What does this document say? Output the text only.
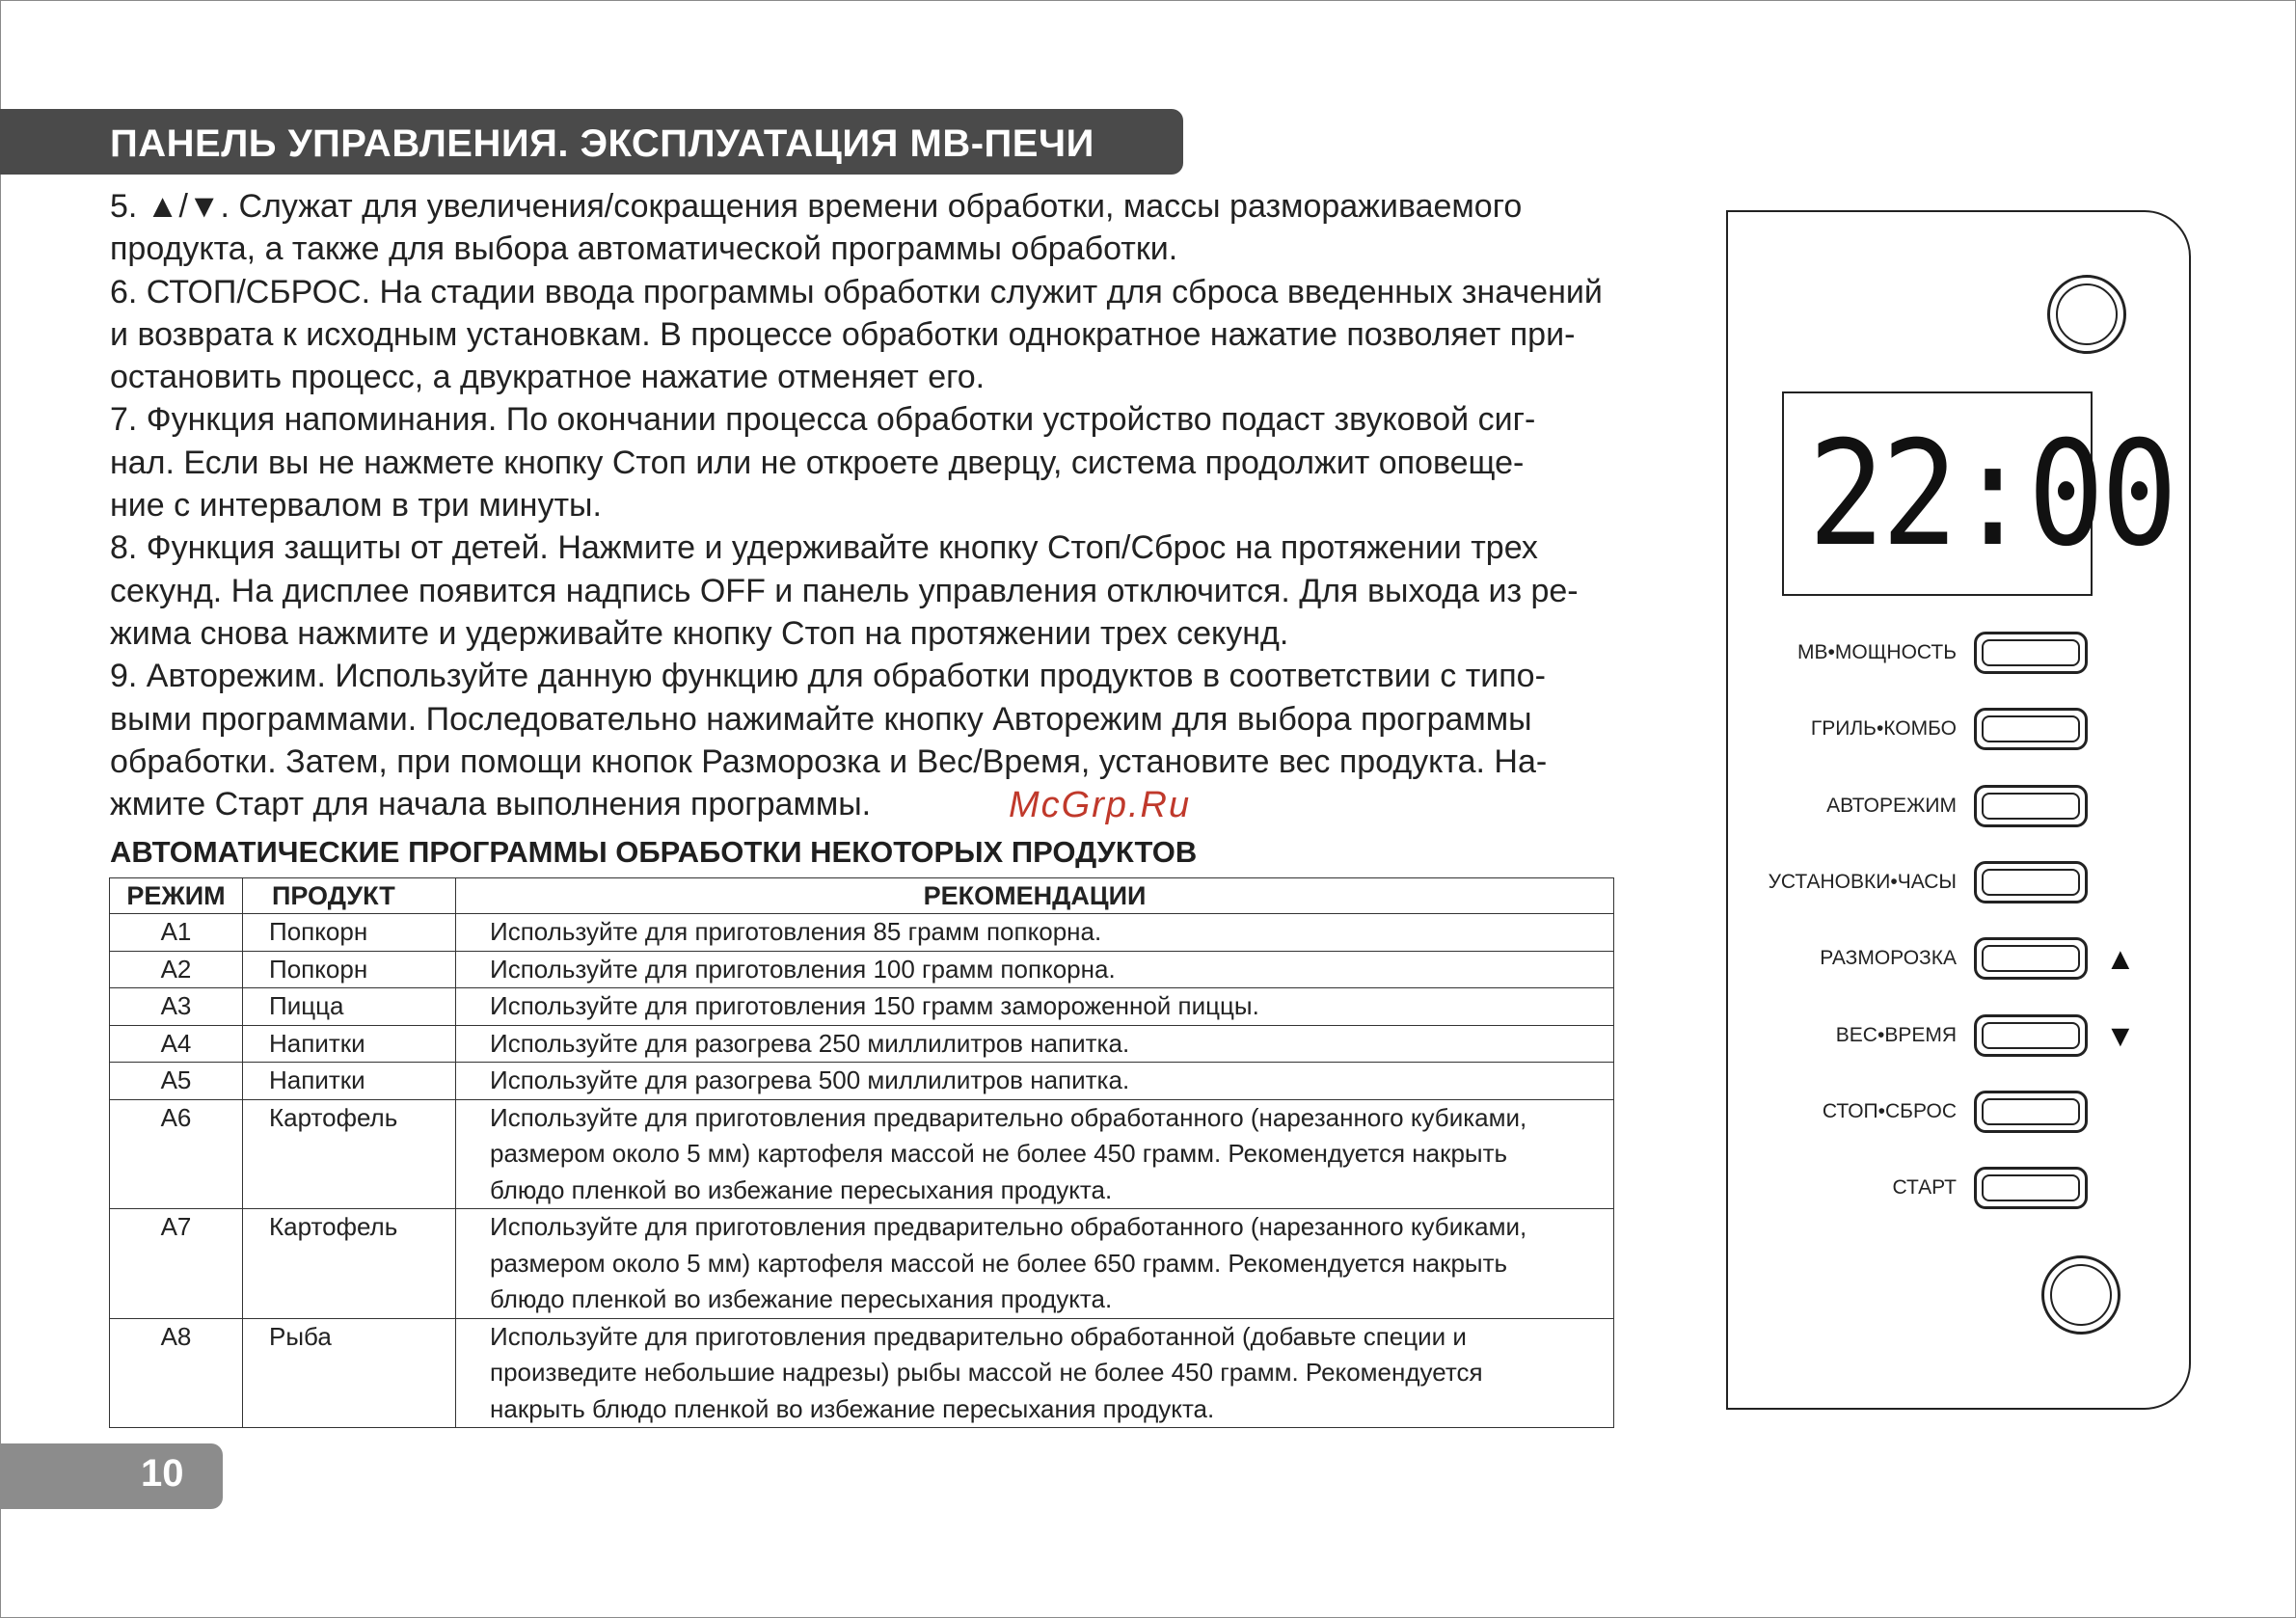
ПАНЕЛЬ УПРАВЛЕНИЯ. ЭКСПЛУАТАЦИЯ МВ-ПЕЧИ
5. ▲/▼. Служат для увеличения/сокращения времени обработки, массы размораживаемого
продукта, а также для выбора автоматической программы обработки.
6. СТОП/СБРОС. На стадии ввода программы обработки служит для сброса введенных значений
и возврата к исходным установкам. В процессе обработки однократное нажатие позволяет при-
остановить процесс, а двукратное нажатие отменяет его.
7. Функция напоминания. По окончании процесса обработки устройство подаст звуковой сиг-
нал. Если вы не нажмете кнопку Стоп или не откроете дверцу, система продолжит оповеще-
ние с интервалом в три минуты.
8. Функция защиты от детей. Нажмите и удерживайте кнопку Стоп/Сброс на протяжении трех
секунд. На дисплее появится надпись OFF и панель управления отключится. Для выхода из ре-
жима снова нажмите и удерживайте кнопку Стоп на протяжении трех секунд.
9. Авторежим. Используйте данную функцию для обработки продуктов в соответствии с типо-
выми программами. Последовательно нажимайте кнопку Авторежим для выбора программы
обработки. Затем, при помощи кнопок Разморозка и Вес/Время, установите вес продукта. На-
жмите Старт для начала выполнения программы.	McGrp.Ru
АВТОМАТИЧЕСКИЕ ПРОГРАММЫ ОБРАБОТКИ НЕКОТОРЫХ ПРОДУКТОВ
РЕЖИМ	ПРОДУКТ	РЕКОМЕНДАЦИИ
A1	Попкорн	Используйте для приготовления 85 грамм попкорна.

A2	Попкорн	Используйте для приготовления 100 грамм попкорна.

A3	Пицца	Используйте для приготовления 150 грамм замороженной пиццы.

A4	Напитки	Используйте для разогрева 250 миллилитров напитка.

A5	Напитки	Используйте для разогрева 500 миллилитров напитка.

A6	Картофель	Используйте для приготовления предварительно обработанного (нарезанного кубиками,
размером около 5 мм) картофеля массой не более 450 грамм. Рекомендуется накрыть
блюдо пленкой во избежание пересыхания продукта.

A7	Картофель	Используйте для приготовления предварительно обработанного (нарезанного кубиками,
размером около 5 мм) картофеля массой не более 650 грамм. Рекомендуется накрыть
блюдо пленкой во избежание пересыхания продукта.

A8	Рыба	Используйте для приготовления предварительно обработанной (добавьте специи и
произведите небольшие надрезы) рыбы массой не более 450 грамм. Рекомендуется
накрыть блюдо пленкой во избежание пересыхания продукта.
10
22:00
МВ•МОЩНОСТЬ
ГРИЛЬ•КОМБО
АВТОРЕЖИМ
УСТАНОВКИ•ЧАСЫ
РАЗМОРОЗКА	▲
ВЕС•ВРЕМЯ	▼
СТОП•СБРОС
СТАРТ
